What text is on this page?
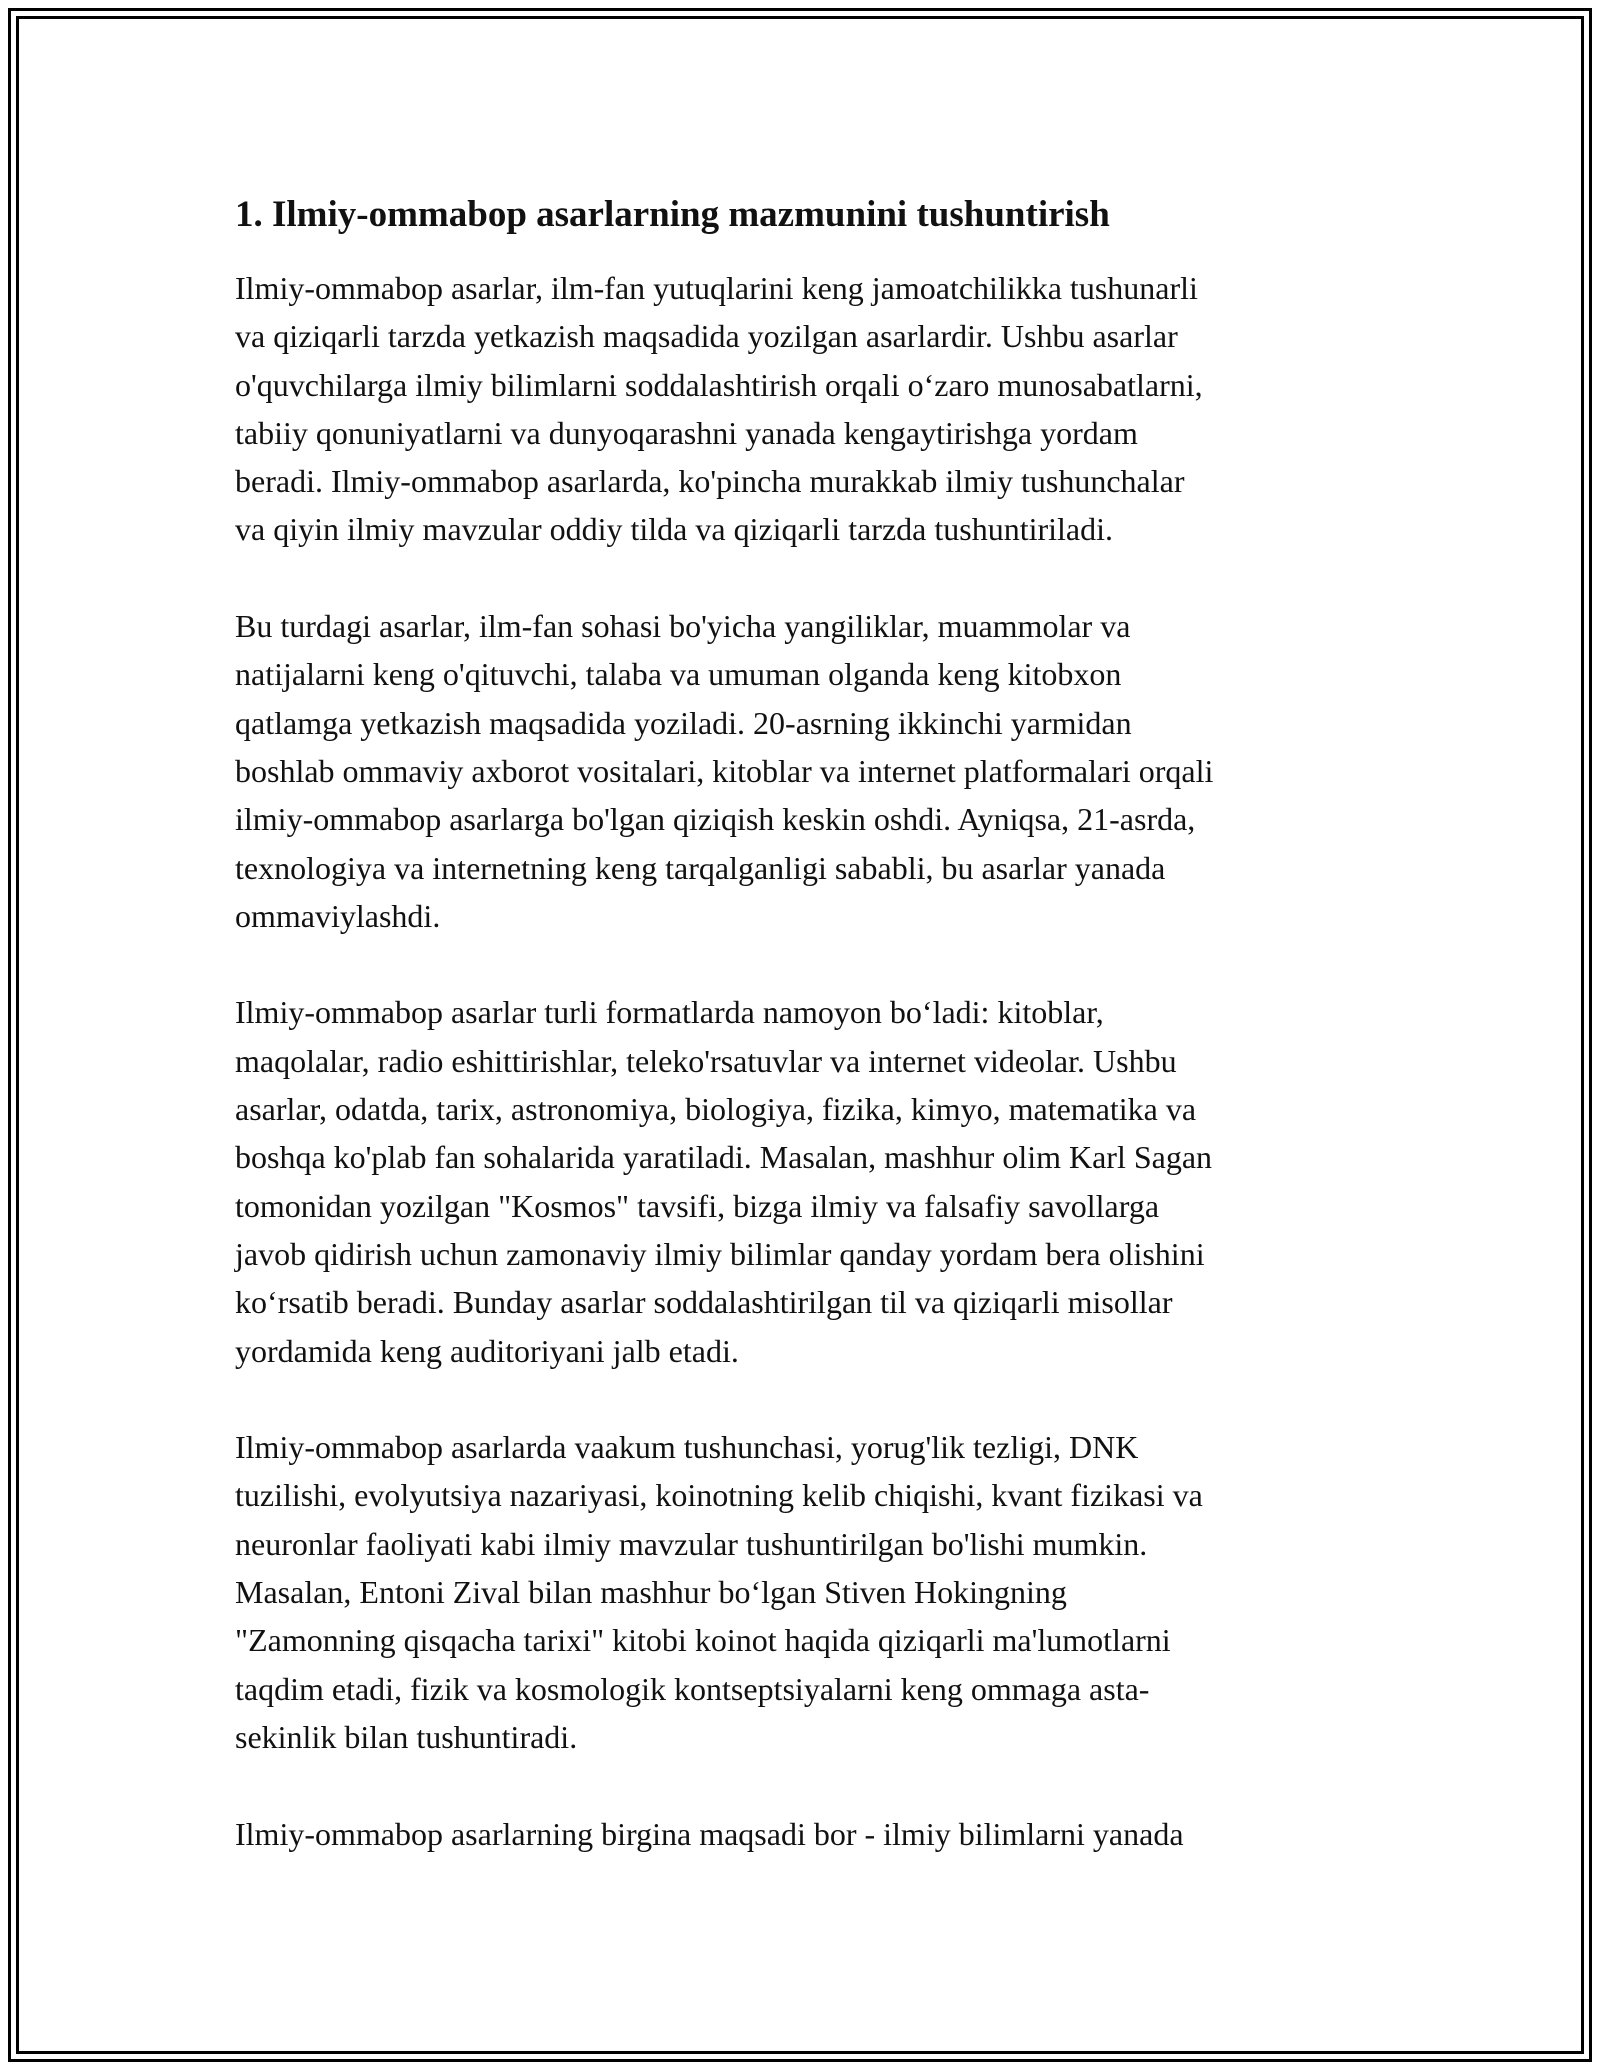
1. Ilmiy-ommabop asarlarning mazmunini tushuntirish

Ilmiy-ommabop asarlar, ilm-fan yutuqlarini keng jamoatchilikka tushunarli
va qiziqarli tarzda yetkazish maqsadida yozilgan asarlardir. Ushbu asarlar
o'quvchilarga ilmiy bilimlarni soddalashtirish orqali o‘zaro munosabatlarni,
tabiiy qonuniyatlarni va dunyoqarashni yanada kengaytirishga yordam
beradi. Ilmiy-ommabop asarlarda, ko'pincha murakkab ilmiy tushunchalar
va qiyin ilmiy mavzular oddiy tilda va qiziqarli tarzda tushuntiriladi.

Bu turdagi asarlar, ilm-fan sohasi bo'yicha yangiliklar, muammolar va
natijalarni keng o'qituvchi, talaba va umuman olganda keng kitobxon
qatlamga yetkazish maqsadida yoziladi. 20-asrning ikkinchi yarmidan
boshlab ommaviy axborot vositalari, kitoblar va internet platformalari orqali
ilmiy-ommabop asarlarga bo'lgan qiziqish keskin oshdi. Ayniqsa, 21-asrda,
texnologiya va internetning keng tarqalganligi sababli, bu asarlar yanada
ommaviylashdi.

Ilmiy-ommabop asarlar turli formatlarda namoyon bo‘ladi: kitoblar,
maqolalar, radio eshittirishlar, teleko'rsatuvlar va internet videolar. Ushbu
asarlar, odatda, tarix, astronomiya, biologiya, fizika, kimyo, matematika va
boshqa ko'plab fan sohalarida yaratiladi. Masalan, mashhur olim Karl Sagan
tomonidan yozilgan "Kosmos" tavsifi, bizga ilmiy va falsafiy savollarga
javob qidirish uchun zamonaviy ilmiy bilimlar qanday yordam bera olishini
ko‘rsatib beradi. Bunday asarlar soddalashtirilgan til va qiziqarli misollar
yordamida keng auditoriyani jalb etadi.

Ilmiy-ommabop asarlarda vaakum tushunchasi, yorug'lik tezligi, DNK
tuzilishi, evolyutsiya nazariyasi, koinotning kelib chiqishi, kvant fizikasi va
neuronlar faoliyati kabi ilmiy mavzular tushuntirilgan bo'lishi mumkin.
Masalan, Entoni Zival bilan mashhur bo‘lgan Stiven Hokingning
"Zamonning qisqacha tarixi" kitobi koinot haqida qiziqarli ma'lumotlarni
taqdim etadi, fizik va kosmologik kontseptsiyalarni keng ommaga asta-
sekinlik bilan tushuntiradi.

Ilmiy-ommabop asarlarning birgina maqsadi bor - ilmiy bilimlarni yanada
